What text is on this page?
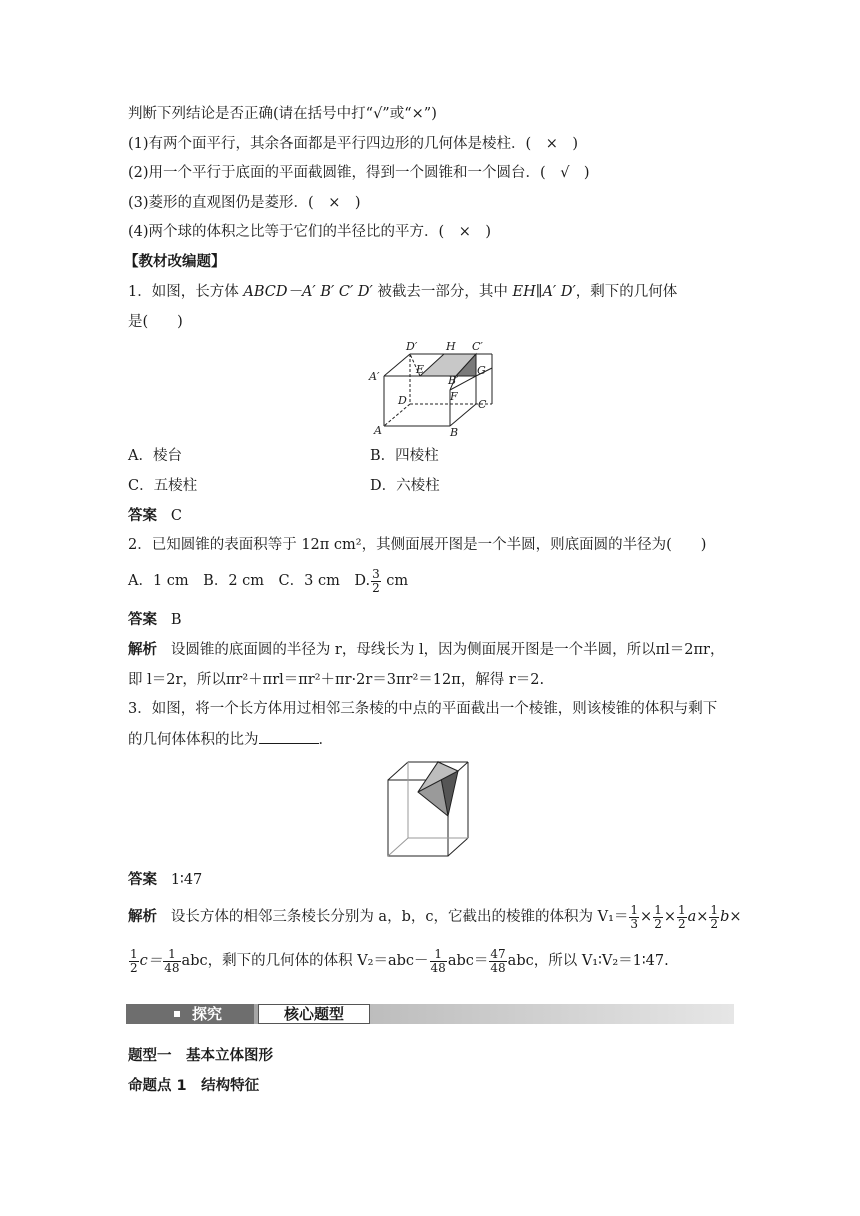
判断下列结论是否正确(请在括号中打“√”或“×”)
(1)有两个面平行，其余各面都是平行四边形的几何体是棱柱．(　×　)
(2)用一个平行于底面的平面截圆锥，得到一个圆锥和一个圆台．(　√　)
(3)菱形的直观图仍是菱形．(　×　)
(4)两个球的体积之比等于它们的半径比的平方．(　×　)
【教材改编题】
1．如图，长方体 ABCD－A′ B′ C′ D′ 被截去一部分，其中 EH∥A′ D′，剩下的几何体
是(　　)
D′	H C′
A′
E
B′
G
D	F
C
A	B
A．棱台	B．四棱柱
C．五棱柱	D．六棱柱
答案 C
2．已知圆锥的表面积等于 12π cm²，其侧面展开图是一个半圆，则底面圆的半径为(　　)
A．1 cm　B．2 cm　C．3 cm　D. $\frac{3}{2}$ cm
答案 B
解析 设圆锥的底面圆的半径为 r，母线长为 l，因为侧面展开图是一个半圆，所以πl＝2πr，
即 l＝2r，所以πr²＋πrl＝πr²＋πr·2r＝3πr²＝12π，解得 r＝2.
3．如图，将一个长方体用过相邻三条棱的中点的平面截出一个棱锥，则该棱锥的体积与剩下
的几何体体积的比为	．
答案 1∶47
解析 设长方体的相邻三条棱长分别为 a，b，c，它截出的棱锥的体积为 $V_1= \frac{1}{3} \times \frac{1}{2} \times \frac{1}{2} a\times \frac{1}{2} b\times$
$\frac{1}{2} c= \frac{1}{48}$ abc，剩下的几何体的体积 $V_2=abc- \frac{1}{48} abc= \frac{47}{48}$ abc，所以 V₁∶V₂＝1∶47.
探究	核心题型
题型一　基本立体图形
命题点 1　结构特征
